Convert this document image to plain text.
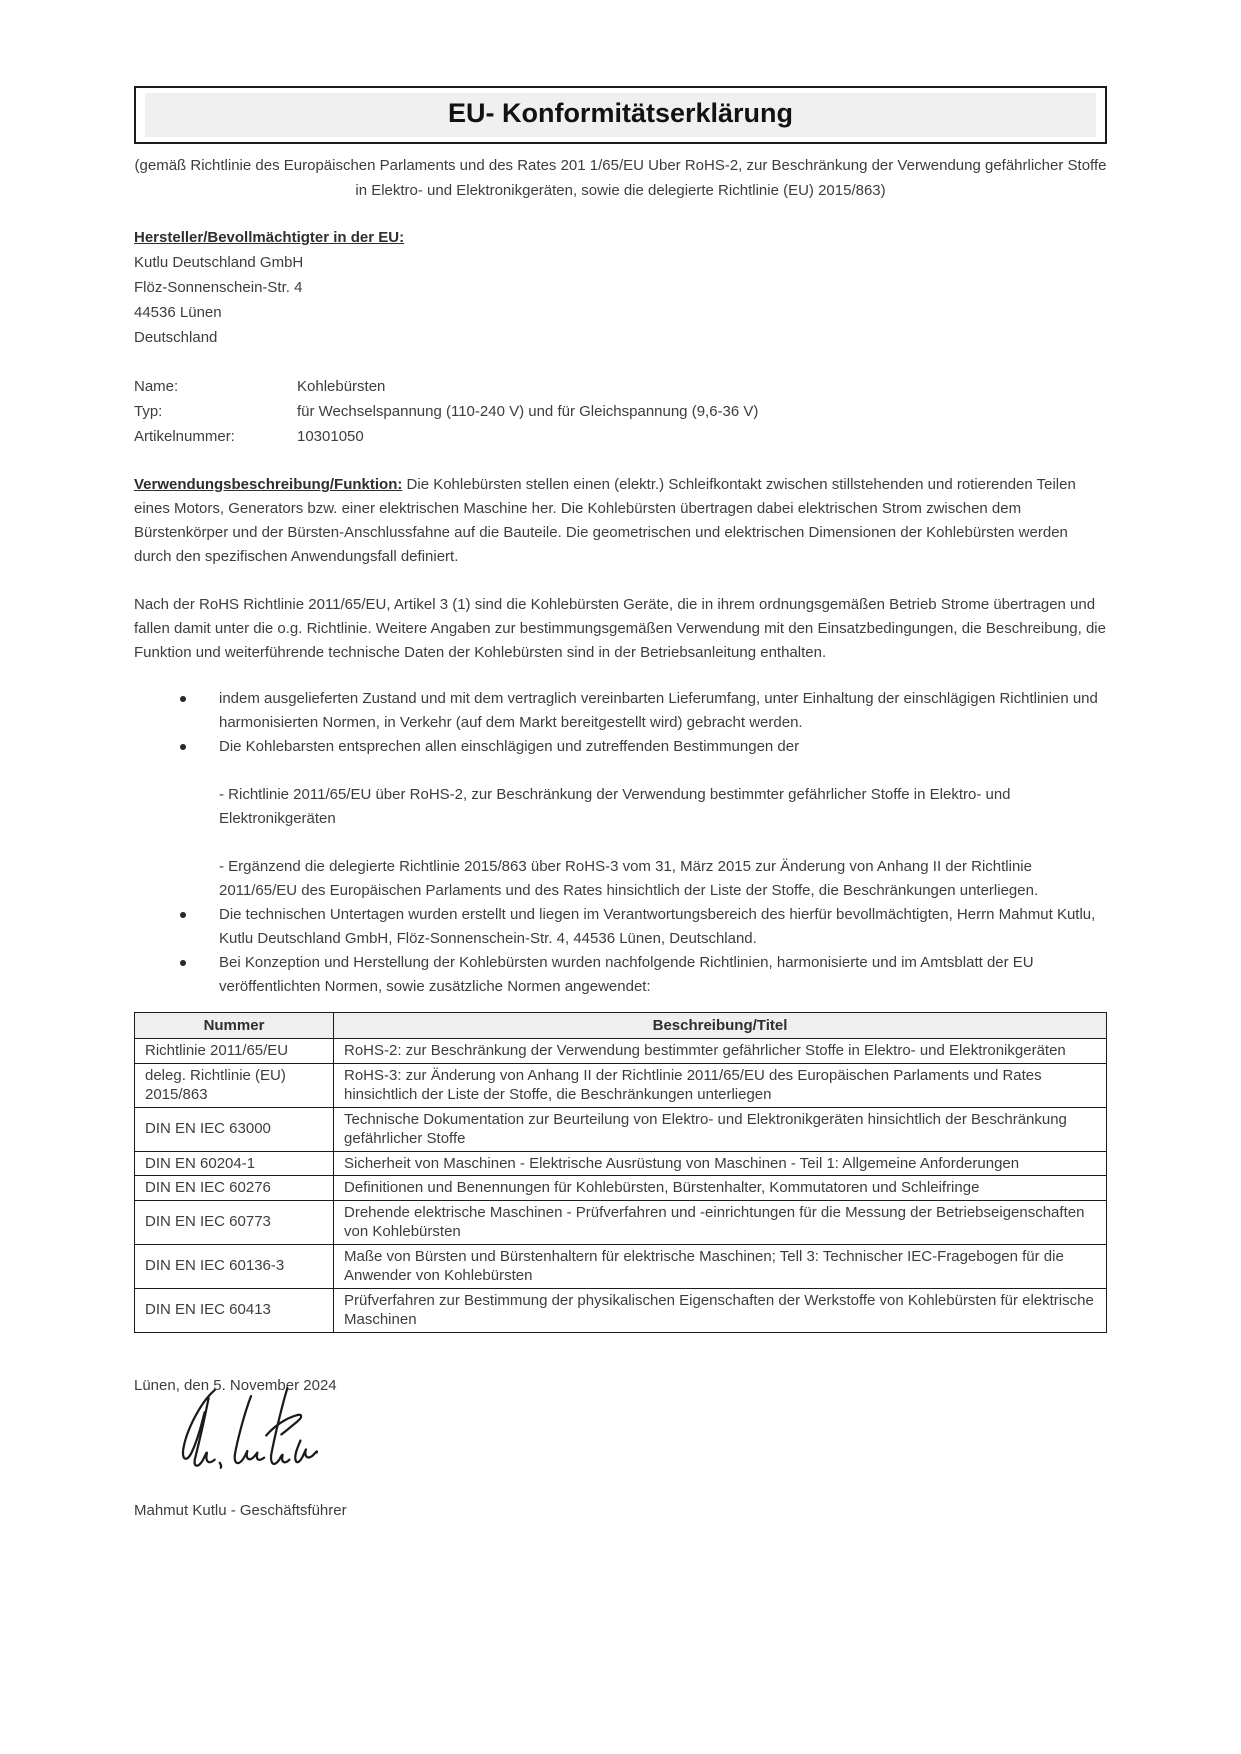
EU- Konformitätserklärung

(gemäß Richtlinie des Europäischen Parlaments und des Rates 201 1/65/EU Uber RoHS-2, zur Beschränkung der Verwendung gefährlicher Stoffe in Elektro- und Elektronikgeräten, sowie die delegierte Richtlinie (EU) 2015/863)

Hersteller/Bevollmächtigter in der EU:
Kutlu Deutschland GmbH
Flöz-Sonnenschein-Str. 4
44536 Lünen
Deutschland
Name:	Kohlebürsten
Typ:	für Wechselspannung (110-240 V) und für Gleichspannung (9,6-36 V)
Artikelnummer:	10301050

Verwendungsbeschreibung/Funktion: Die Kohlebürsten stellen einen (elektr.) Schleifkontakt zwischen stillstehenden und rotierenden Teilen eines Motors, Generators bzw. einer elektrischen Maschine her. Die Kohlebürsten übertragen dabei elektrischen Strom zwischen dem Bürstenkörper und der Bürsten-Anschlussfahne auf die Bauteile. Die geometrischen und elektrischen Dimensionen der Kohlebürsten werden durch den spezifischen Anwendungsfall definiert.

Nach der RoHS Richtlinie 2011/65/EU, Artikel 3 (1) sind die Kohlebürsten Geräte, die in ihrem ordnungsgemäßen Betrieb Strome übertragen und fallen damit unter die o.g. Richtlinie. Weitere Angaben zur bestimmungsgemäßen Verwendung mit den Einsatzbedingungen, die Beschreibung, die Funktion und weiterführende technische Daten der Kohlebürsten sind in der Betriebsanleitung enthalten.

indem ausgelieferten Zustand und mit dem vertraglich vereinbarten Lieferumfang, unter Einhaltung der einschlägigen Richtlinien und harmonisierten Normen, in Verkehr (auf dem Markt bereitgestellt wird) gebracht werden.
Die Kohlebarsten entsprechen allen einschlägigen und zutreffenden Bestimmungen der
- Richtlinie 2011/65/EU über RoHS-2, zur Beschränkung der Verwendung bestimmter gefährlicher Stoffe in Elektro- und Elektronikgeräten
- Ergänzend die delegierte Richtlinie 2015/863 über RoHS-3 vom 31, März 2015 zur Änderung von Anhang II der Richtlinie 2011/65/EU des Europäischen Parlaments und des Rates hinsichtlich der Liste der Stoffe, die Beschränkungen unterliegen.
Die technischen Untertagen wurden erstellt und liegen im Verantwortungsbereich des hierfür bevollmächtigten, Herrn Mahmut Kutlu, Kutlu Deutschland GmbH, Flöz-Sonnenschein-Str. 4, 44536 Lünen, Deutschland.
Bei Konzeption und Herstellung der Kohlebürsten wurden nachfolgende Richtlinien, harmonisierte und im Amtsblatt der EU veröffentlichten Normen, sowie zusätzliche Normen angewendet:
Nummer	Beschreibung/Titel
Richtlinie 2011/65/EU	RoHS-2: zur Beschränkung der Verwendung bestimmter gefährlicher Stoffe in Elektro- und Elektronikgeräten
deleg. Richtlinie (EU) 2015/863	RoHS-3: zur Änderung von Anhang II der Richtlinie 2011/65/EU des Europäischen Parlaments und Rates hinsichtlich der Liste der Stoffe, die Beschränkungen unterliegen
DIN EN IEC 63000	Technische Dokumentation zur Beurteilung von Elektro- und Elektronikgeräten hinsichtlich der Beschränkung gefährlicher Stoffe
DIN EN 60204-1	Sicherheit von Maschinen - Elektrische Ausrüstung von Maschinen - Teil 1: Allgemeine Anforderungen
DIN EN IEC 60276	Definitionen und Benennungen für Kohlebürsten, Bürstenhalter, Kommutatoren und Schleifringe
DIN EN IEC 60773	Drehende elektrische Maschinen - Prüfverfahren und -einrichtungen für die Messung der Betriebseigenschaften von Kohlebürsten
DIN EN IEC 60136-3	Maße von Bürsten und Bürstenhaltern für elektrische Maschinen; Tell 3: Technischer IEC-Fragebogen für die Anwender von Kohlebürsten
DIN EN IEC 60413	Prüfverfahren zur Bestimmung der physikalischen Eigenschaften der Werkstoffe von Kohlebürsten für elektrische Maschinen
Lünen, den 5. November 2024
Mahmut Kutlu - Geschäftsführer
